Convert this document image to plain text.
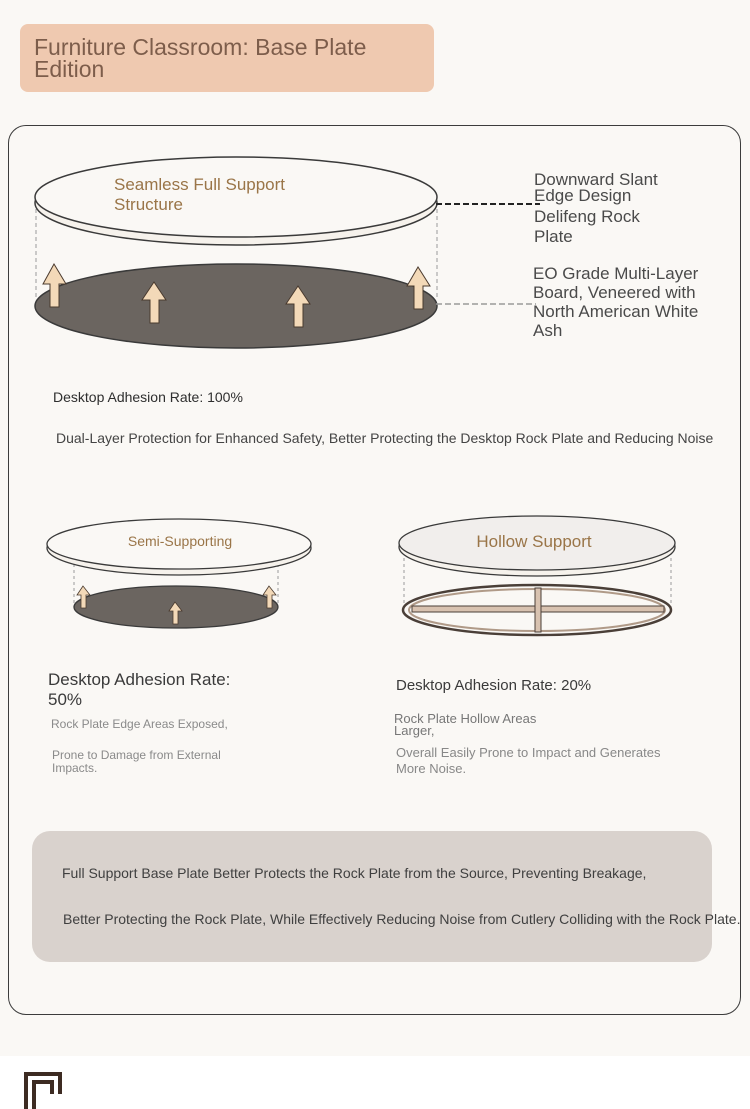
Furniture Classroom: Base Plate Edition
Seamless Full Support Structure
Downward Slant Edge Design
Delifeng Rock Plate
EO Grade Multi-Layer Board, Veneered with North American White Ash
Desktop Adhesion Rate: 100%
Dual-Layer Protection for Enhanced Safety, Better Protecting the Desktop Rock Plate and Reducing Noise
Semi-Supporting	Hollow Support
Desktop Adhesion Rate: 50%
Rock Plate Edge Areas Exposed,
Prone to Damage from External Impacts.
Desktop Adhesion Rate: 20%
Rock Plate Hollow Areas Larger,
Overall Easily Prone to Impact and Generates More Noise.
Full Support Base Plate Better Protects the Rock Plate from the Source, Preventing Breakage,
Better Protecting the Rock Plate, While Effectively Reducing Noise from Cutlery Colliding with the Rock Plate.
